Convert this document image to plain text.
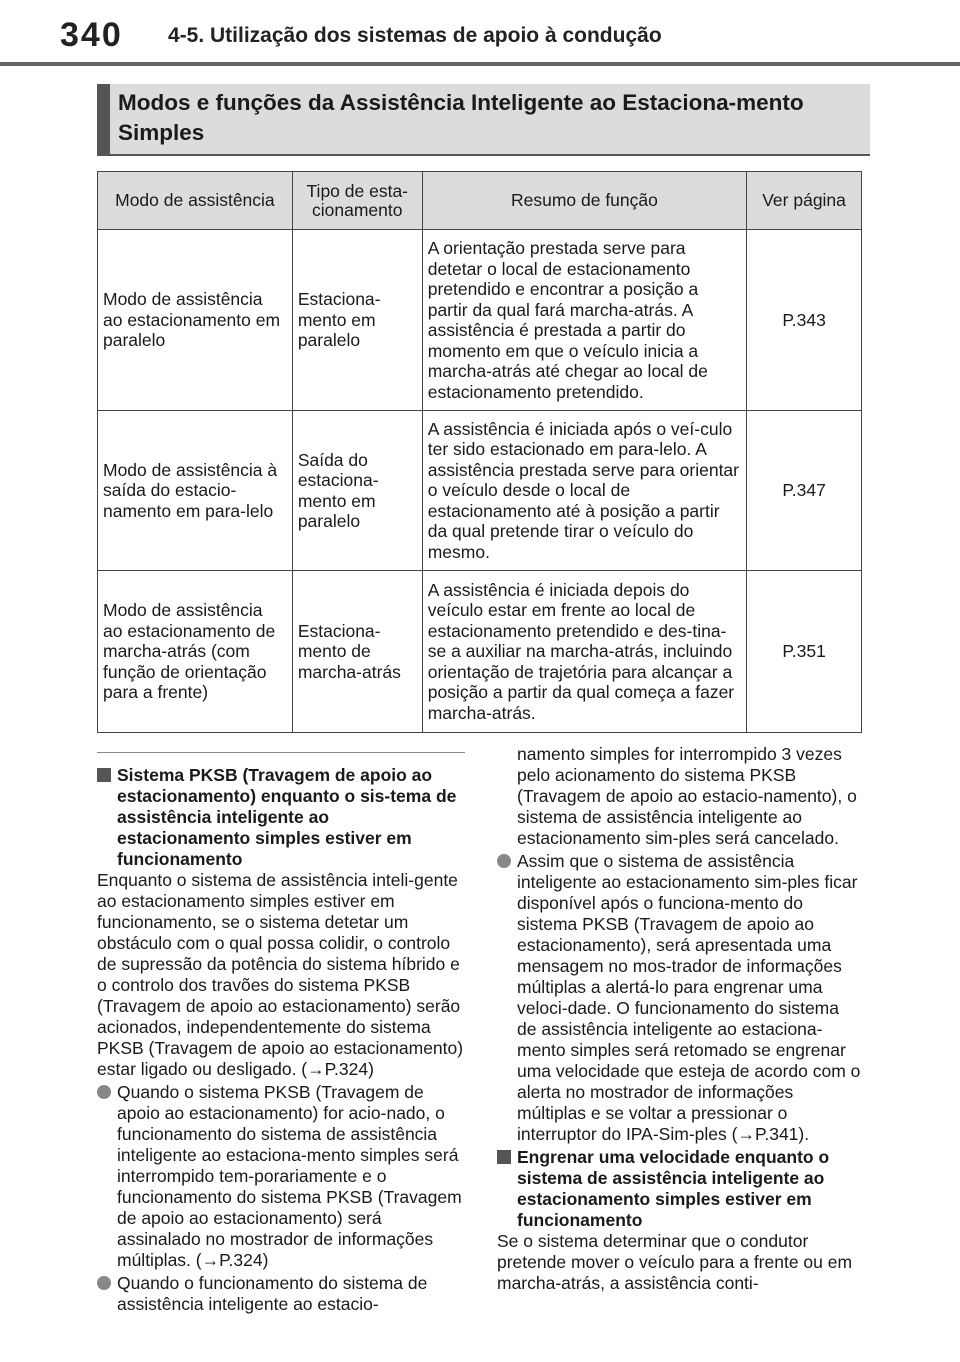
340 4-5. Utilização dos sistemas de apoio à condução
Modos e funções da Assistência Inteligente ao Estaciona-mento Simples
Modo de assistência	Tipo de esta-cionamento	Resumo de função	Ver página
Modo de assistência ao estacionamento em paralelo	Estaciona-mento em paralelo	A orientação prestada serve para detetar o local de estacionamento pretendido e encontrar a posição a partir da qual fará marcha-atrás. A assistência é prestada a partir do momento em que o veículo inicia a marcha-atrás até chegar ao local de estacionamento pretendido.	P.343
Modo de assistência à saída do estacio-namento em para-lelo	Saída do estaciona-mento em paralelo	A assistência é iniciada após o veí-culo ter sido estacionado em para-lelo. A assistência prestada serve para orientar o veículo desde o local de estacionamento até à posição a partir da qual pretende tirar o veículo do mesmo.	P.347
Modo de assistência ao estacionamento de marcha-atrás (com função de orientação para a frente)	Estaciona-mento de marcha-atrás	A assistência é iniciada depois do veículo estar em frente ao local de estacionamento pretendido e des-tina-se a auxiliar na marcha-atrás, incluindo orientação de trajetória para alcançar a posição a partir da qual começa a fazer marcha-atrás.	P.351
Sistema PKSB (Travagem de apoio ao estacionamento) enquanto o sis-tema de assistência inteligente ao estacionamento simples estiver em funcionamento

Enquanto o sistema de assistência inteli-gente ao estacionamento simples estiver em funcionamento, se o sistema detetar um obstáculo com o qual possa colidir, o controlo de supressão da potência do sistema híbrido e o controlo dos travões do sistema PKSB (Travagem de apoio ao estacionamento) serão acionados, independentemente do sistema PKSB (Travagem de apoio ao estacionamento) estar ligado ou desligado. (→P.324)

Quando o sistema PKSB (Travagem de apoio ao estacionamento) for acio-nado, o funcionamento do sistema de assistência inteligente ao estaciona-mento simples será interrompido tem-porariamente e o funcionamento do sistema PKSB (Travagem de apoio ao estacionamento) será assinalado no mostrador de informações múltiplas. (→P.324)
Quando o funcionamento do sistema de assistência inteligente ao estacio-

namento simples for interrompido 3 vezes pelo acionamento do sistema PKSB (Travagem de apoio ao estacio-namento), o sistema de assistência inteligente ao estacionamento sim-ples será cancelado.

Assim que o sistema de assistência inteligente ao estacionamento sim-ples ficar disponível após o funciona-mento do sistema PKSB (Travagem de apoio ao estacionamento), será apresentada uma mensagem no mos-trador de informações múltiplas a alertá-lo para engrenar uma veloci-dade. O funcionamento do sistema de assistência inteligente ao estaciona-mento simples será retomado se engrenar uma velocidade que esteja de acordo com o alerta no mostrador de informações múltiplas e se voltar a pressionar o interruptor do IPA-Sim-ples (→P.341).
Engrenar uma velocidade enquanto o sistema de assistência inteligente ao estacionamento simples estiver em funcionamento

Se o sistema determinar que o condutor pretende mover o veículo para a frente ou em marcha-atrás, a assistência conti-
